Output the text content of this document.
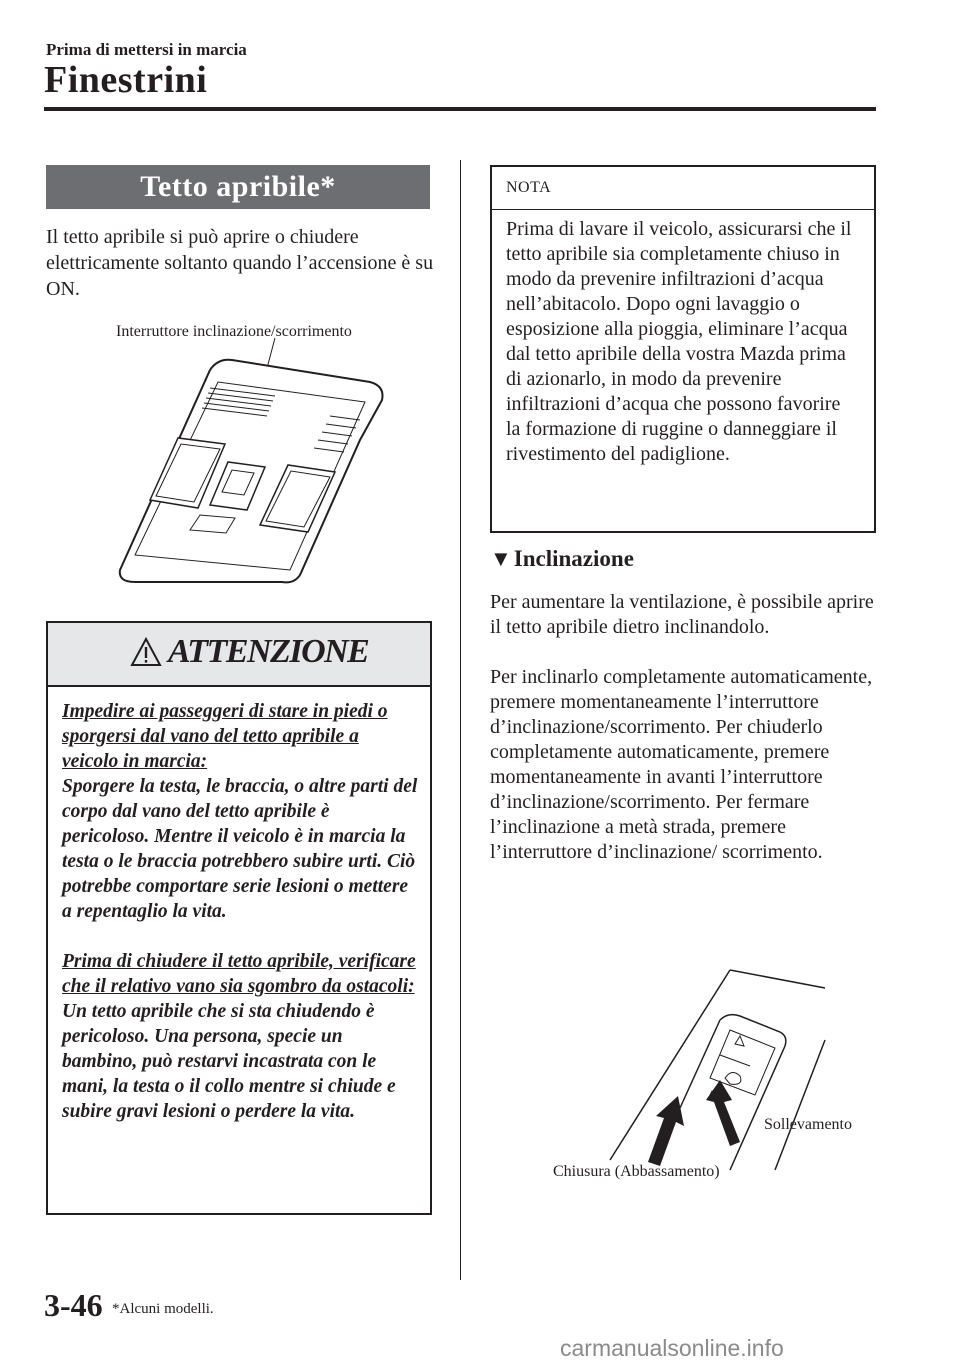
Prima di mettersi in marcia
Finestrini
Tetto apribile*
Il tetto apribile si può aprire o chiudere elettricamente soltanto quando l’accensione è su ON.
Interruttore inclinazione/scorrimento
ATTENZIONE

Impedire ai passeggeri di stare in piedi o sporgersi dal vano del tetto apribile a veicolo in marcia:
Sporgere la testa, le braccia, o altre parti del corpo dal vano del tetto apribile è pericoloso. Mentre il veicolo è in marcia la testa o le braccia potrebbero subire urti. Ciò potrebbe comportare serie lesioni o mettere a repentaglio la vita.

Prima di chiudere il tetto apribile, verificare che il relativo vano sia sgombro da ostacoli:
Un tetto apribile che si sta chiudendo è pericoloso. Una persona, specie un bambino, può restarvi incastrata con le mani, la testa o il collo mentre si chiude e subire gravi lesioni o perdere la vita.

NOTA
Prima di lavare il veicolo, assicurarsi che il tetto apribile sia completamente chiuso in modo da prevenire infiltrazioni d’acqua nell’abitacolo. Dopo ogni lavaggio o esposizione alla pioggia, eliminare l’acqua dal tetto apribile della vostra Mazda prima di azionarlo, in modo da prevenire infiltrazioni d’acqua che possono favorire la formazione di ruggine o danneggiare il rivestimento del padiglione.
▼Inclinazione

Per aumentare la ventilazione, è possibile aprire il tetto apribile dietro inclinandolo.

Per inclinarlo completamente automaticamente, premere momentaneamente l’interruttore d’inclinazione/scorrimento. Per chiuderlo completamente automaticamente, premere momentaneamente in avanti l’interruttore d’inclinazione/scorrimento. Per fermare l’inclinazione a metà strada, premere l’interruttore d’inclinazione/ scorrimento.

Sollevamento
Chiusura (Abbassamento)
3-46 *Alcuni modelli.
carmanualsonline.info
